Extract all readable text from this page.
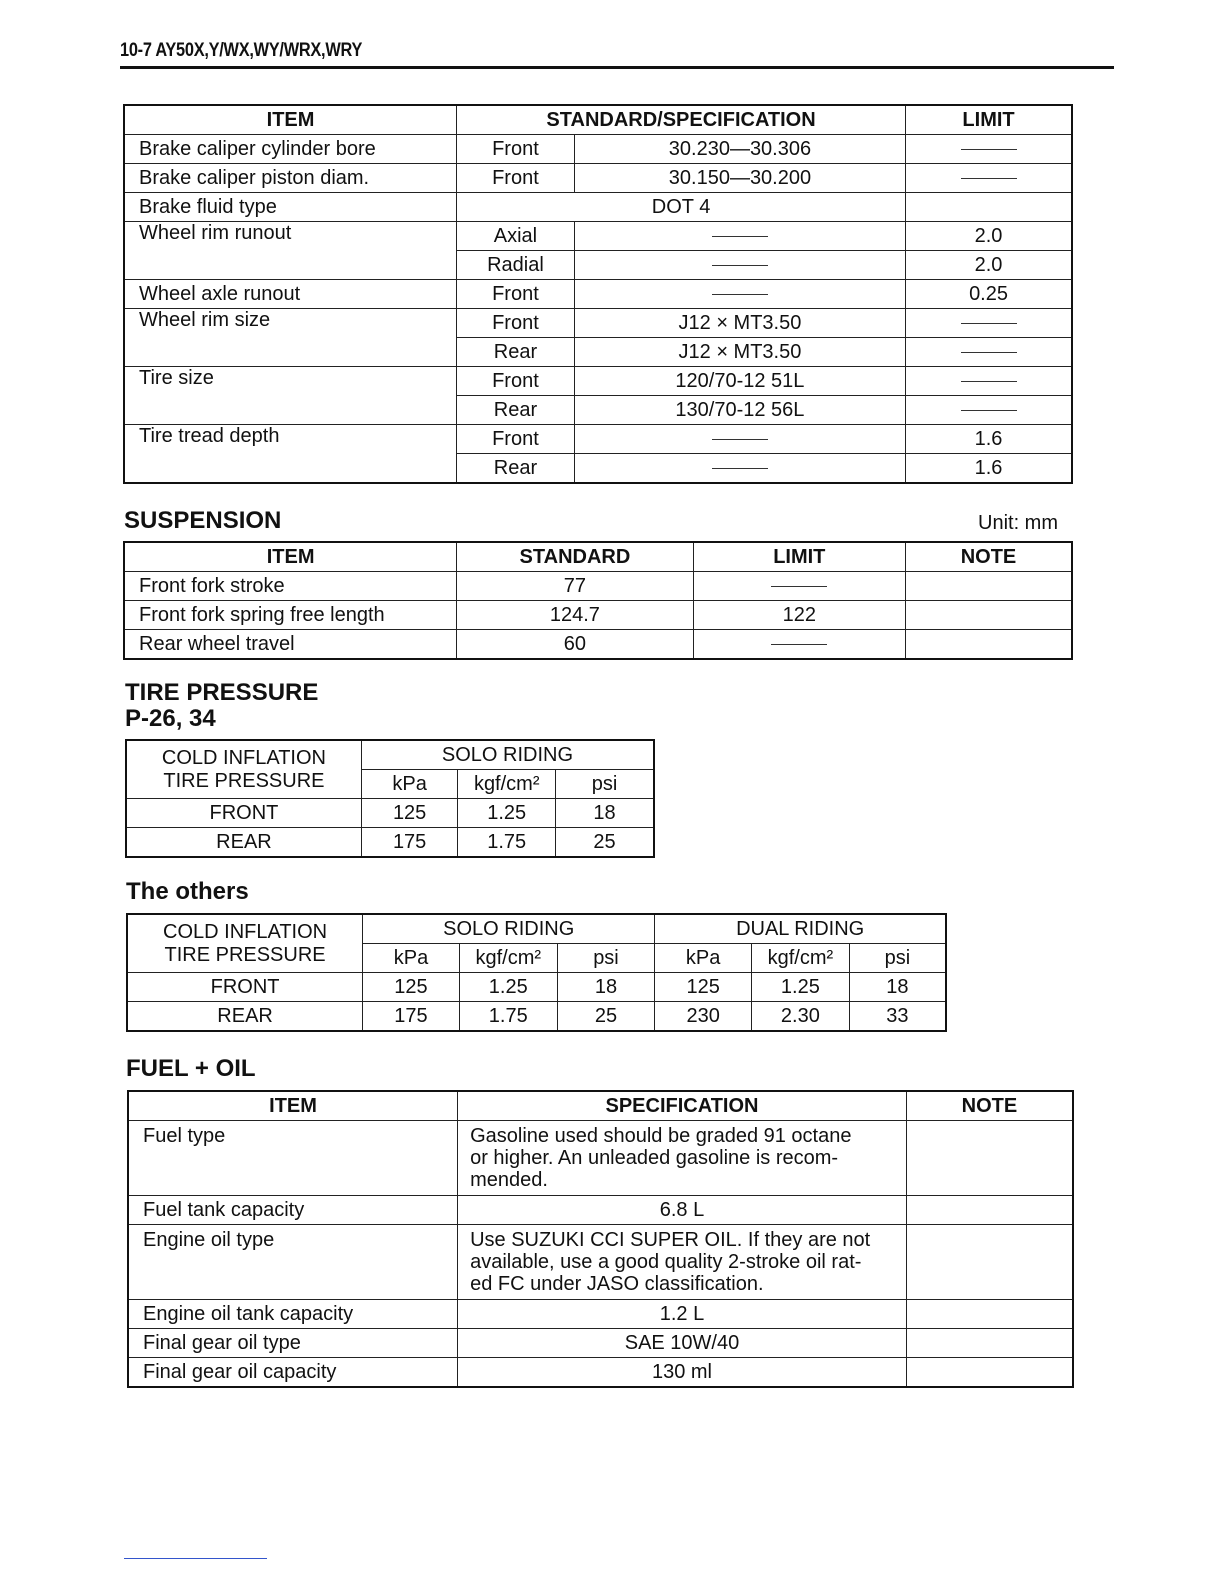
10-7 AY50X,Y/WX,WY/WRX,WRY
ITEM	STANDARD/SPECIFICATION		LIMIT
Brake caliper cylinder bore	Front	30.230—30.306	
Brake caliper piston diam.	Front	30.150—30.200	
Brake fluid type	DOT 4		
Wheel rim runout	Axial		2.0
	Radial		2.0
Wheel axle runout	Front		0.25
Wheel rim size	Front	J12 × MT3.50	
	Rear	J12 × MT3.50	
Tire size	Front	120/70-12 51L	
	Rear	130/70-12 56L	
Tire tread depth	Front		1.6
	Rear		1.6
SUSPENSION	Unit: mm
ITEM	STANDARD	LIMIT	NOTE
Front fork stroke	77		
Front fork spring free length	124.7	122	
Rear wheel travel	60		
TIRE PRESSURE
P-26, 34
COLD INFLATION
TIRE PRESSURE	SOLO RIDING		
	kPa	kgf/cm²	psi
FRONT	125	1.25	18
REAR	175	1.75	25
The others
COLD INFLATION
TIRE PRESSURE	SOLO RIDING			DUAL RIDING		
	kPa	kgf/cm²	psi	kPa	kgf/cm²	psi
FRONT	125	1.25	18	125	1.25	18
REAR	175	1.75	25	230	2.30	33
FUEL + OIL
ITEM	SPECIFICATION	NOTE
Fuel type	Gasoline used should be graded 91 octane
or higher. An unleaded gasoline is recom-
mended.	

Fuel tank capacity	6.8 L	
Engine oil type	Use SUZUKI CCI SUPER OIL. If they are not
available, use a good quality 2-stroke oil rat-
ed FC under JASO classification.	

Engine oil tank capacity	1.2 L	
Final gear oil type	SAE 10W/40	
Final gear oil capacity	130 ml	
